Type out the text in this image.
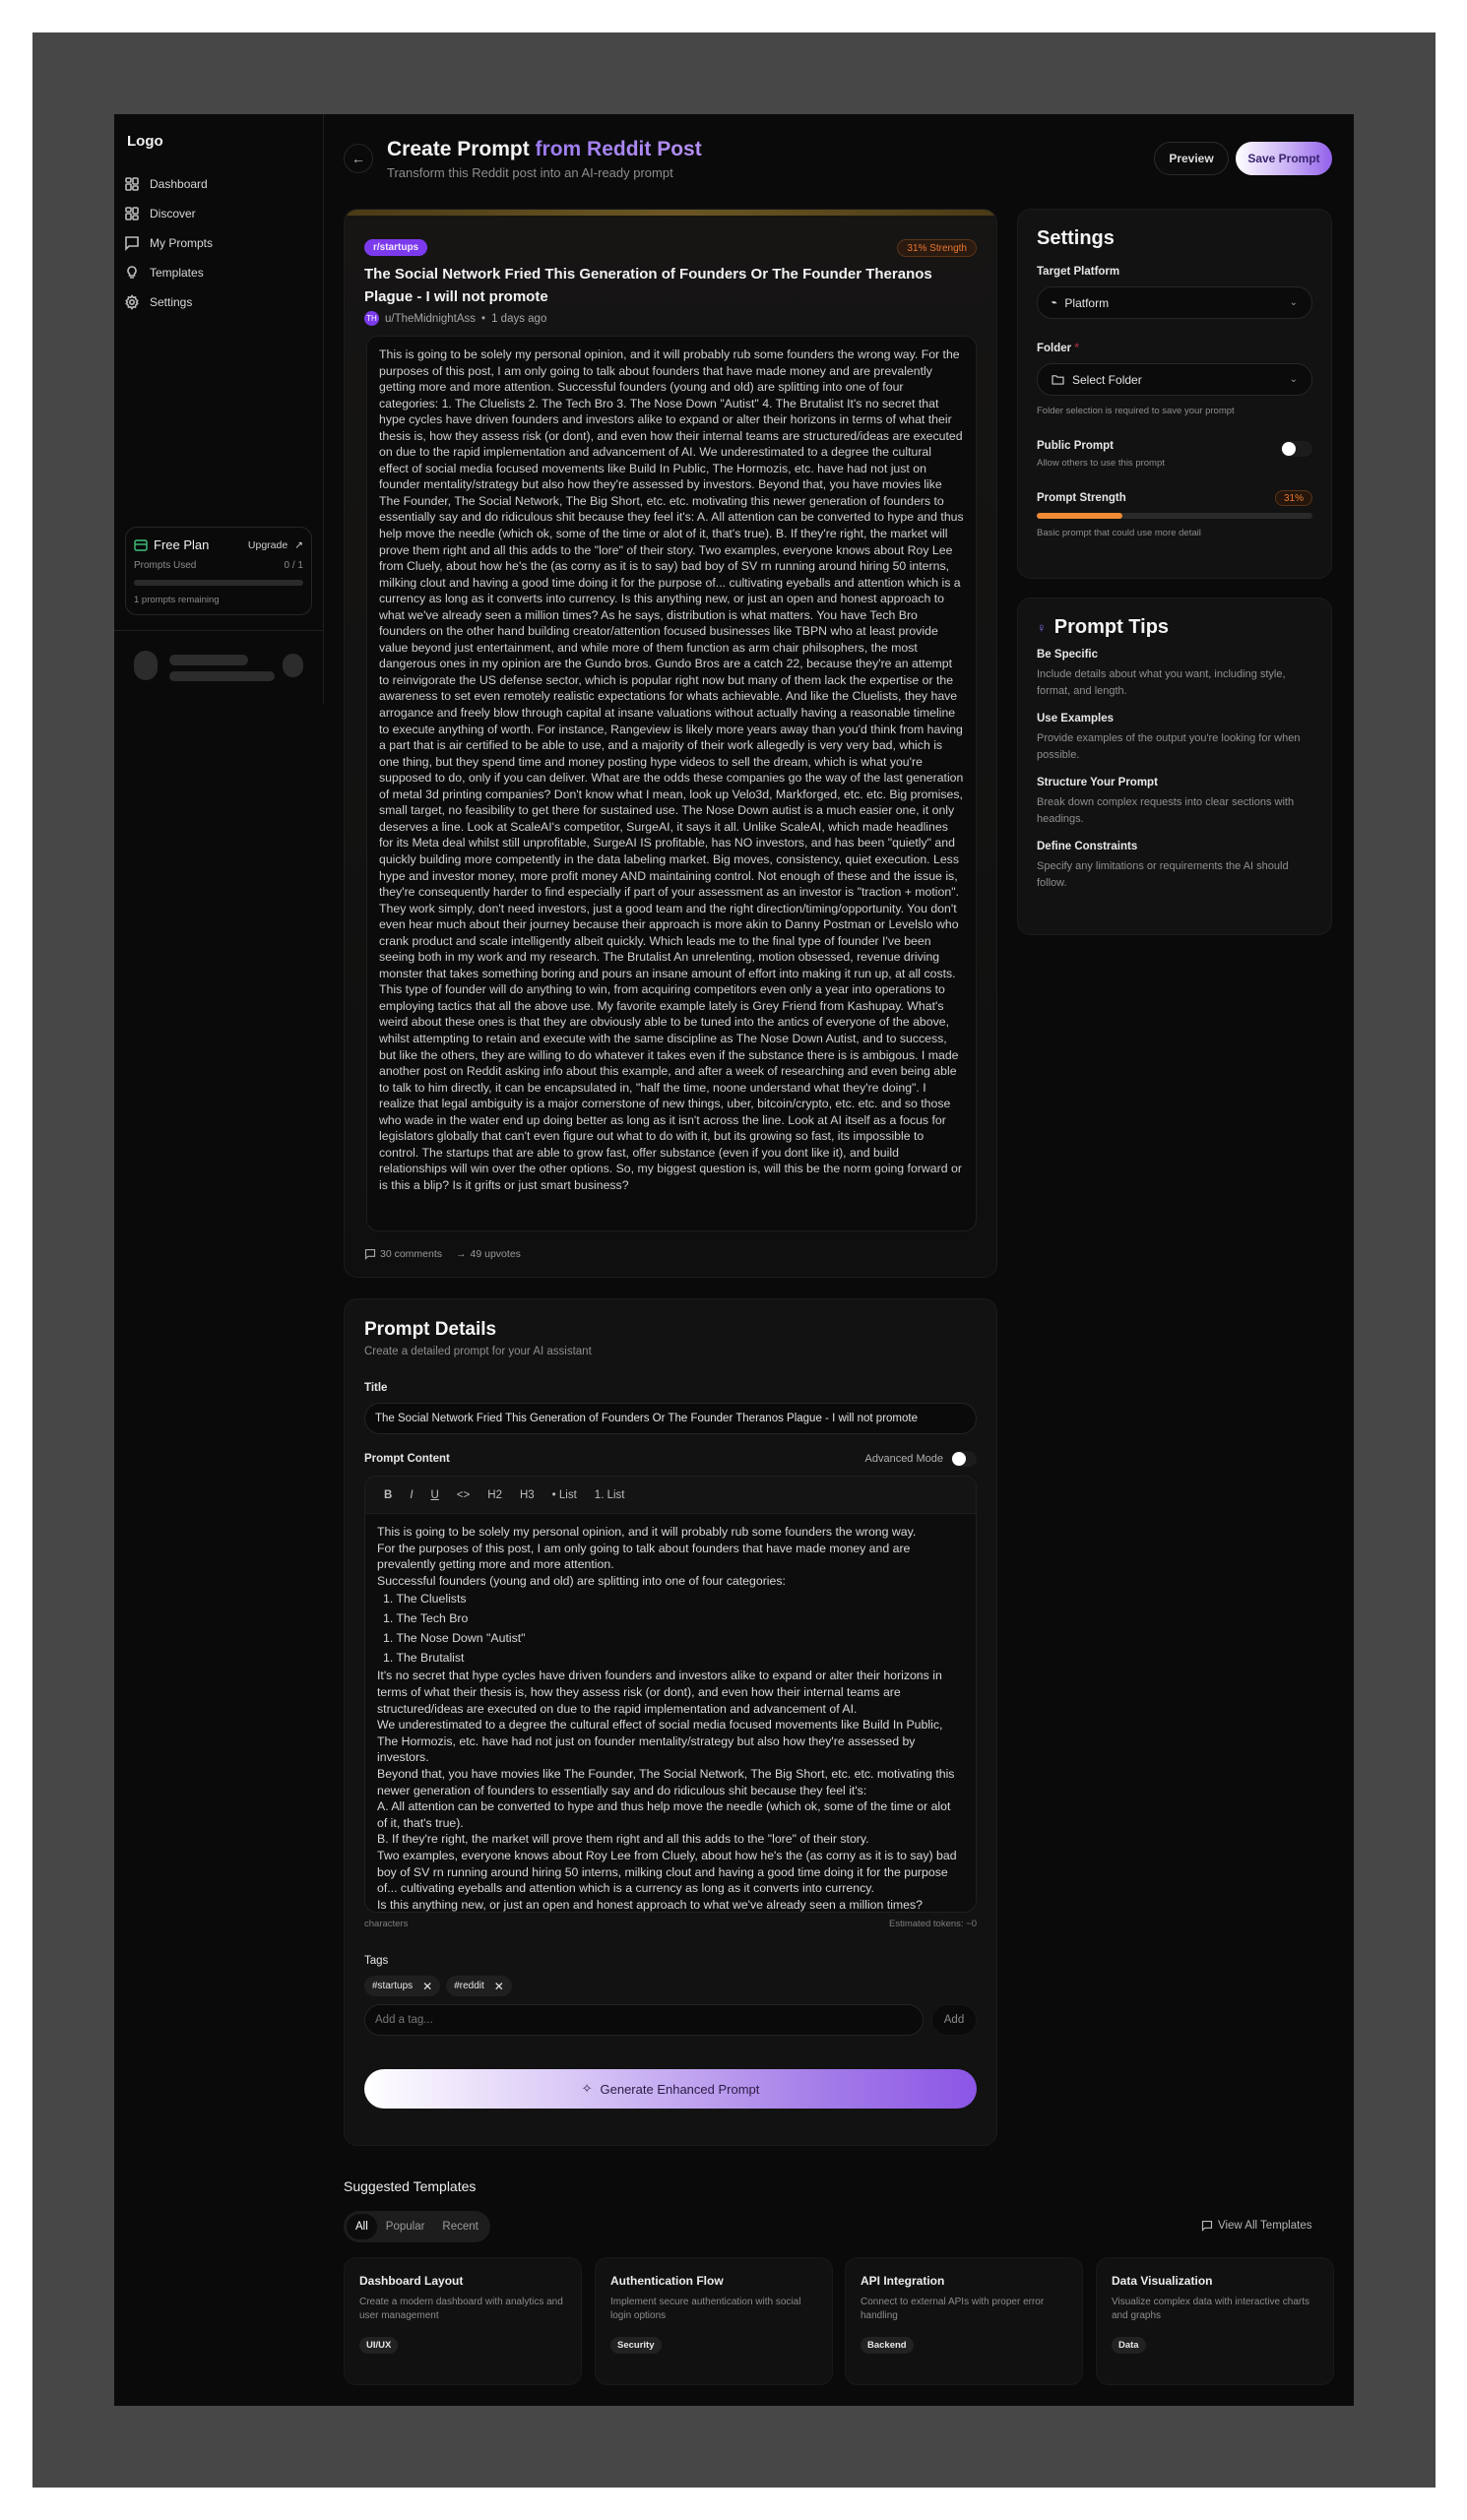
Logo
Dashboard
Discover
My Prompts
Templates
Settings
Free Plan	Upgrade ↗
Prompts Used	0 / 1
1 prompts remaining
← Create Prompt from Reddit Post
Transform this Reddit post into an AI-ready prompt
Preview	Save Prompt
r/startups	31% Strength
The Social Network Fried This Generation of Founders Or The Founder Theranos Plague - I will not promote
TH u/TheMidnightAss • 1 days ago
This is going to be solely my personal opinion, and it will probably rub some founders the wrong way. For the purposes of this post, I am only going to talk about founders that have made money and are prevalently getting more and more attention. Successful founders (young and old) are splitting into one of four categories: 1. The Cluelists 2. The Tech Bro 3. The Nose Down "Autist" 4. The Brutalist It's no secret that hype cycles have driven founders and investors alike to expand or alter their horizons in terms of what their thesis is, how they assess risk (or dont), and even how their internal teams are structured/ideas are executed on due to the rapid implementation and advancement of AI. We underestimated to a degree the cultural effect of social media focused movements like Build In Public, The Hormozis, etc. have had not just on founder mentality/strategy but also how they're assessed by investors. Beyond that, you have movies like The Founder, The Social Network, The Big Short, etc. etc. motivating this newer generation of founders to essentially say and do ridiculous shit because they feel it's: A. All attention can be converted to hype and thus help move the needle (which ok, some of the time or alot of it, that's true). B. If they're right, the market will prove them right and all this adds to the "lore" of their story. Two examples, everyone knows about Roy Lee from Cluely, about how he's the (as corny as it is to say) bad boy of SV rn running around hiring 50 interns, milking clout and having a good time doing it for the purpose of... cultivating eyeballs and attention which is a currency as long as it converts into currency. Is this anything new, or just an open and honest approach to what we've already seen a million times? As he says, distribution is what matters. You have Tech Bro founders on the other hand building creator/attention focused businesses like TBPN who at least provide value beyond just entertainment, and while more of them function as arm chair philsophers, the most dangerous ones in my opinion are the Gundo bros. Gundo Bros are a catch 22, because they're an attempt to reinvigorate the US defense sector, which is popular right now but many of them lack the expertise or the awareness to set even remotely realistic expectations for whats achievable. And like the Cluelists, they have arrogance and freely blow through capital at insane valuations without actually having a reasonable timeline to execute anything of worth. For instance, Rangeview is likely more years away than you'd think from having a part that is air certified to be able to use, and a majority of their work allegedly is very very bad, which is one thing, but they spend time and money posting hype videos to sell the dream, which is what you're supposed to do, only if you can deliver. What are the odds these companies go the way of the last generation of metal 3d printing companies? Don't know what I mean, look up Velo3d, Markforged, etc. etc. Big promises, small target, no feasibility to get there for sustained use. The Nose Down autist is a much easier one, it only deserves a line. Look at ScaleAI's competitor, SurgeAI, it says it all. Unlike ScaleAI, which made headlines for its Meta deal whilst still unprofitable, SurgeAI IS profitable, has NO investors, and has been "quietly" and quickly building more competently in the data labeling market. Big moves, consistency, quiet execution. Less hype and investor money, more profit money AND maintaining control. Not enough of these and the issue is, they're consequently harder to find especially if part of your assessment as an investor is "traction + motion". They work simply, don't need investors, just a good team and the right direction/timing/opportunity. You don't even hear much about their journey because their approach is more akin to Danny Postman or Levelslo who crank product and scale intelligently albeit quickly. Which leads me to the final type of founder I've been seeing both in my work and my research. The Brutalist An unrelenting, motion obsessed, revenue driving monster that takes something boring and pours an insane amount of effort into making it run up, at all costs. This type of founder will do anything to win, from acquiring competitors even only a year into operations to employing tactics that all the above use. My favorite example lately is Grey Friend from Kashupay. What's weird about these ones is that they are obviously able to be tuned into the antics of everyone of the above, whilst attempting to retain and execute with the same discipline as The Nose Down Autist, and to success, but like the others, they are willing to do whatever it takes even if the substance there is is ambigous. I made another post on Reddit asking info about this example, and after a week of researching and even being able to talk to him directly, it can be encapsulated in, "half the time, noone understand what they're doing". I realize that legal ambiguity is a major cornerstone of new things, uber, bitcoin/crypto, etc. etc. and so those who wade in the water end up doing better as long as it isn't across the line. Look at AI itself as a focus for legislators globally that can't even figure out what to do with it, but its growing so fast, its impossible to control. The startups that are able to grow fast, offer substance (even if you dont like it), and build relationships will win over the other options. So, my biggest question is, will this be the norm going forward or is this a blip? Is it grifts or just smart business?
30 comments → 49 upvotes
Settings
Target Platform
⌁ Platform	⌄
Folder *
Select Folder	⌄
Folder selection is required to save your prompt
Public Prompt
Allow others to use this prompt
Prompt Strength	31%
Basic prompt that could use more detail
♀ Prompt Tips
Be Specific
Include details about what you want, including style, format, and length.
Use Examples
Provide examples of the output you're looking for when possible.
Structure Your Prompt
Break down complex requests into clear sections with headings.
Define Constraints
Specify any limitations or requirements the AI should follow.
Prompt Details
Create a detailed prompt for your AI assistant
Title
The Social Network Fried This Generation of Founders Or The Founder Theranos Plague - I will not promote
Prompt Content	Advanced Mode
B	I	U	<>	H2	H3	• List	1. List
This is going to be solely my personal opinion, and it will probably rub some founders the wrong way.
For the purposes of this post, I am only going to talk about founders that have made money and are prevalently getting more and more attention.
Successful founders (young and old) are splitting into one of four categories:
1. The Cluelists
1. The Tech Bro
1. The Nose Down "Autist"
1. The Brutalist
It's no secret that hype cycles have driven founders and investors alike to expand or alter their horizons in terms of what their thesis is, how they assess risk (or dont), and even how their internal teams are structured/ideas are executed on due to the rapid implementation and advancement of AI.
We underestimated to a degree the cultural effect of social media focused movements like Build In Public, The Hormozis, etc. have had not just on founder mentality/strategy but also how they're assessed by investors.
Beyond that, you have movies like The Founder, The Social Network, The Big Short, etc. etc. motivating this newer generation of founders to essentially say and do ridiculous shit because they feel it's:
A. All attention can be converted to hype and thus help move the needle (which ok, some of the time or alot of it, that's true).
B. If they're right, the market will prove them right and all this adds to the "lore" of their story.
Two examples, everyone knows about Roy Lee from Cluely, about how he's the (as corny as it is to say) bad boy of SV rn running around hiring 50 interns, milking clout and having a good time doing it for the purpose of... cultivating eyeballs and attention which is a currency as long as it converts into currency.
Is this anything new, or just an open and honest approach to what we've already seen a million times?
characters	Estimated tokens: ~0
Tags
#startups ✕ #reddit ✕
Add a tag...
Add
✧ Generate Enhanced Prompt
Suggested Templates
All	Popular	Recent	View All Templates
Dashboard Layout
Create a modern dashboard with analytics and user management
UI/UX
Authentication Flow
Implement secure authentication with social login options
Security
API Integration
Connect to external APIs with proper error handling
Backend
Data Visualization
Visualize complex data with interactive charts and graphs
Data
